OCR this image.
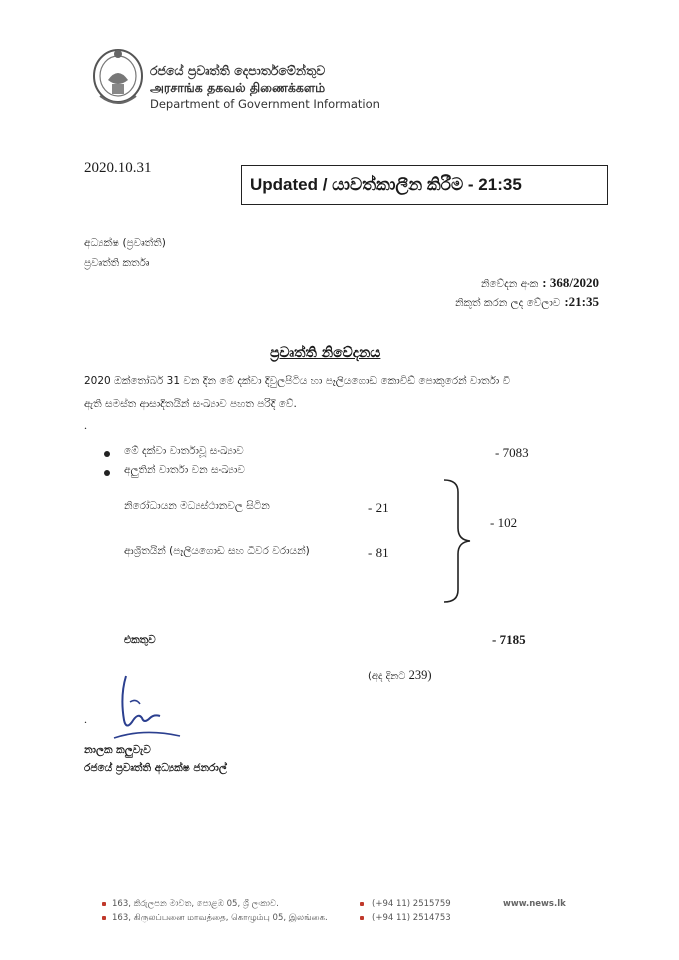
රජයේ ප්‍රවෘත්ති දෙපාර්තමේන්තුව
அரசாங்க தகவல் திணைக்களம்
Department of Government Information
2020.10.31
Updated / යාවත්කාලීන කිරීම - 21:35
අධ්‍යක්ෂ (ප්‍රවෘත්ති)
ප්‍රවෘත්ති කර්තෘ
නිවේදන අංක : 368/2020
නිකුත් කරන ලද වේලාව :21:35
ප්‍රවෘත්ති නිවේදනය
2020 ඔක්තෝබර් 31 වන දින මේ දක්වා දිවුලපිටිය හා පෑලියගොඩ කොවිඩ් පොකුරෙන් වාර්තා වී
ඇති සමස්ත ආසාදිතයින් සංඛ්‍යාව පහත පරිදි වේ.
.
මේ දක්වා වාර්තාවූ සංඛ්‍යාව	- 7083
අලුතින් වාර්තා වන සංඛ්‍යාව
නිරෝධායන මධ්‍යස්ථානවල සිටින	- 21
ආශ්‍රිතයින් (පෑලියගොඩ සහ ධීවර වරායන්)	- 81
- 102
එකතුව	- 7185
(අද දිනට 239)
.
නාලක කලුවැව
රජයේ ප්‍රවෘත්ති අධ්‍යක්ෂ ජනරාල්
163, කිරුලපන මාවත, පොළඹ 05, ශ්‍රී ලංකාව.
163, கிருலப்பனை மாவத்தை, கொழும்பு 05, இலங்கை.
(+94 11) 2515759
(+94 11) 2514753
www.news.lk
